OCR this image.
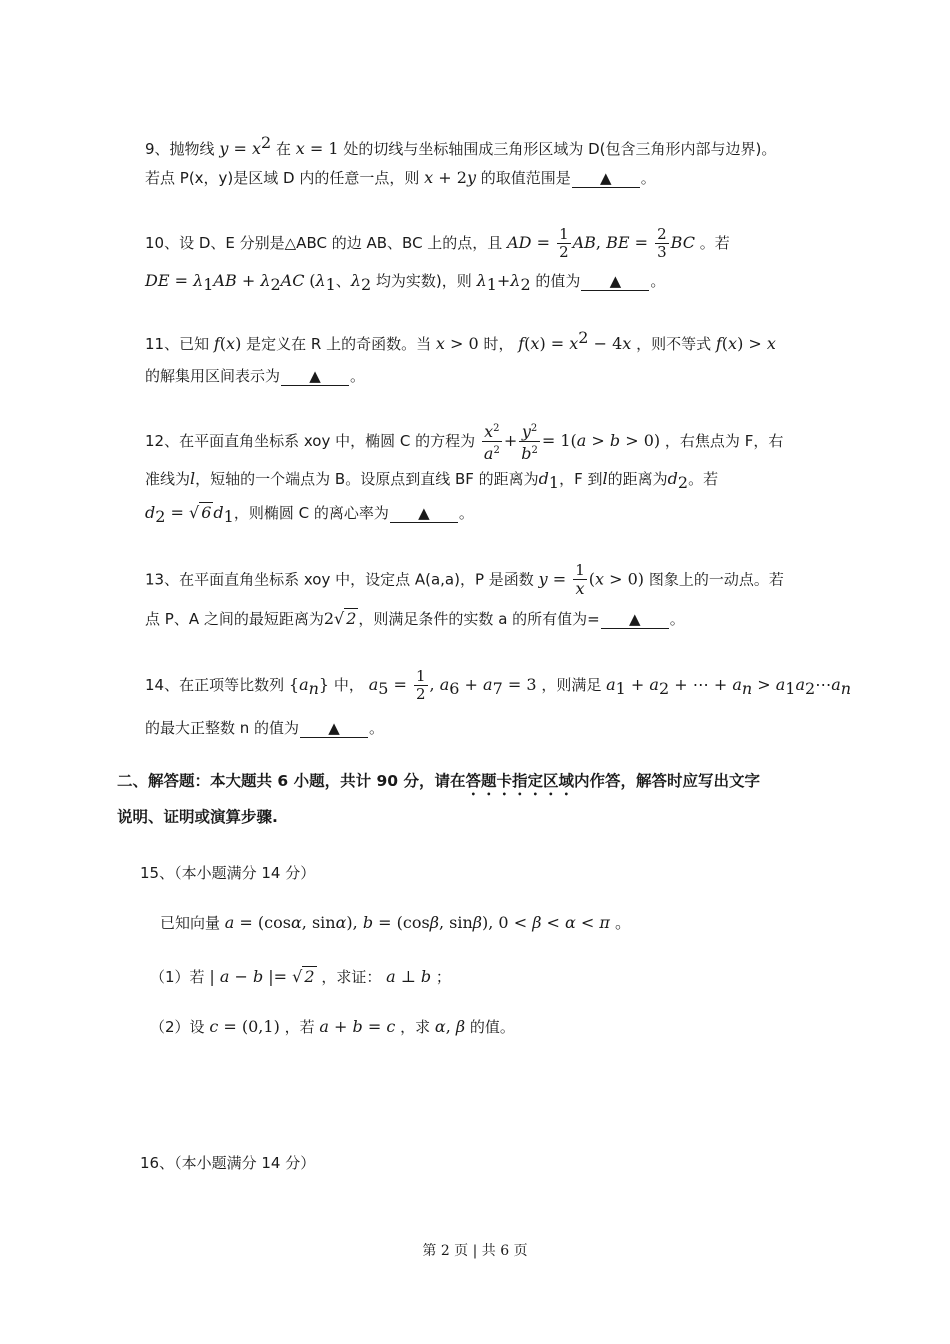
9、抛物线 $y = x^2$ 在 x = 1 处的切线与坐标轴围成三角形区域为 D(包含三角形内部与边界)。
若点 P(x，y)是区域 D 内的任意一点，则 x + 2y 的取值范围是 ▲ 。
10、设 D、E 分别是△ABC 的边 AB、BC 上的点，且 AD = $\frac{1}{2}$ AB, BE = $\frac{2}{3}$ BC 。若
DE = $\lambda_1AB + \lambda_2AC$ ($\lambda_1$、$\lambda_2$ 均为实数)，则 $\lambda_1+\lambda_2$ 的值为 ▲ 。
11、已知 f(x) 是定义在 R 上的奇函数。当 x > 0 时， $f(x) = x^2 - 4x$ ，则不等式 f(x) > x
的解集用区间表示为 ▲ 。
12、在平面直角坐标系 xoy 中，椭圆 C 的方程为 $\frac{x^2}{a^2} + \frac{y^2}{b^2} = 1(a > b > 0)$ ，右焦点为 F，右
准线为l，短轴的一个端点为 B。设原点到直线 BF 的距离为$d_1$，F 到l的距离为$d_2$。若
$d_2$ = √ 6 $d_1$，则椭圆 C 的离心率为 ▲ 。
13、在平面直角坐标系 xoy 中，设定点 A(a,a)，P 是函数 $y = \frac{1}{x} (x > 0)$ 图象上的一动点。若
点 P、A 之间的最短距离为2√ 2 ，则满足条件的实数 a 的所有值为= ▲ 。
14、在正项等比数列 $\{a_n\}$ 中， $a_5 = \frac{1}{2}$ , $a_6 + a_7 = 3$ ，则满足 $a_1 + a_2$ + ⋯ + $a_n$ > $a_1a_2\cdots a_n$
的最大正整数 n 的值为 ▲ 。
二、解答题：本大题共 6 小题，共计 90 分，请在答题卡指定区域内作答，解答时应写出文字
说明、证明或演算步骤.
15、（本小题满分 14 分）
已知向量 a = (cosα, sinα), b = (cosβ, sinβ), 0 < β < α < π 。
（1）若 | a − b |= √ 2 ，求证： a ⊥ b ；
（2）设 c = (0,1) ，若 a + b = c ，求 α, β 的值。
16、（本小题满分 14 分）
第 2 页 | 共 6 页
